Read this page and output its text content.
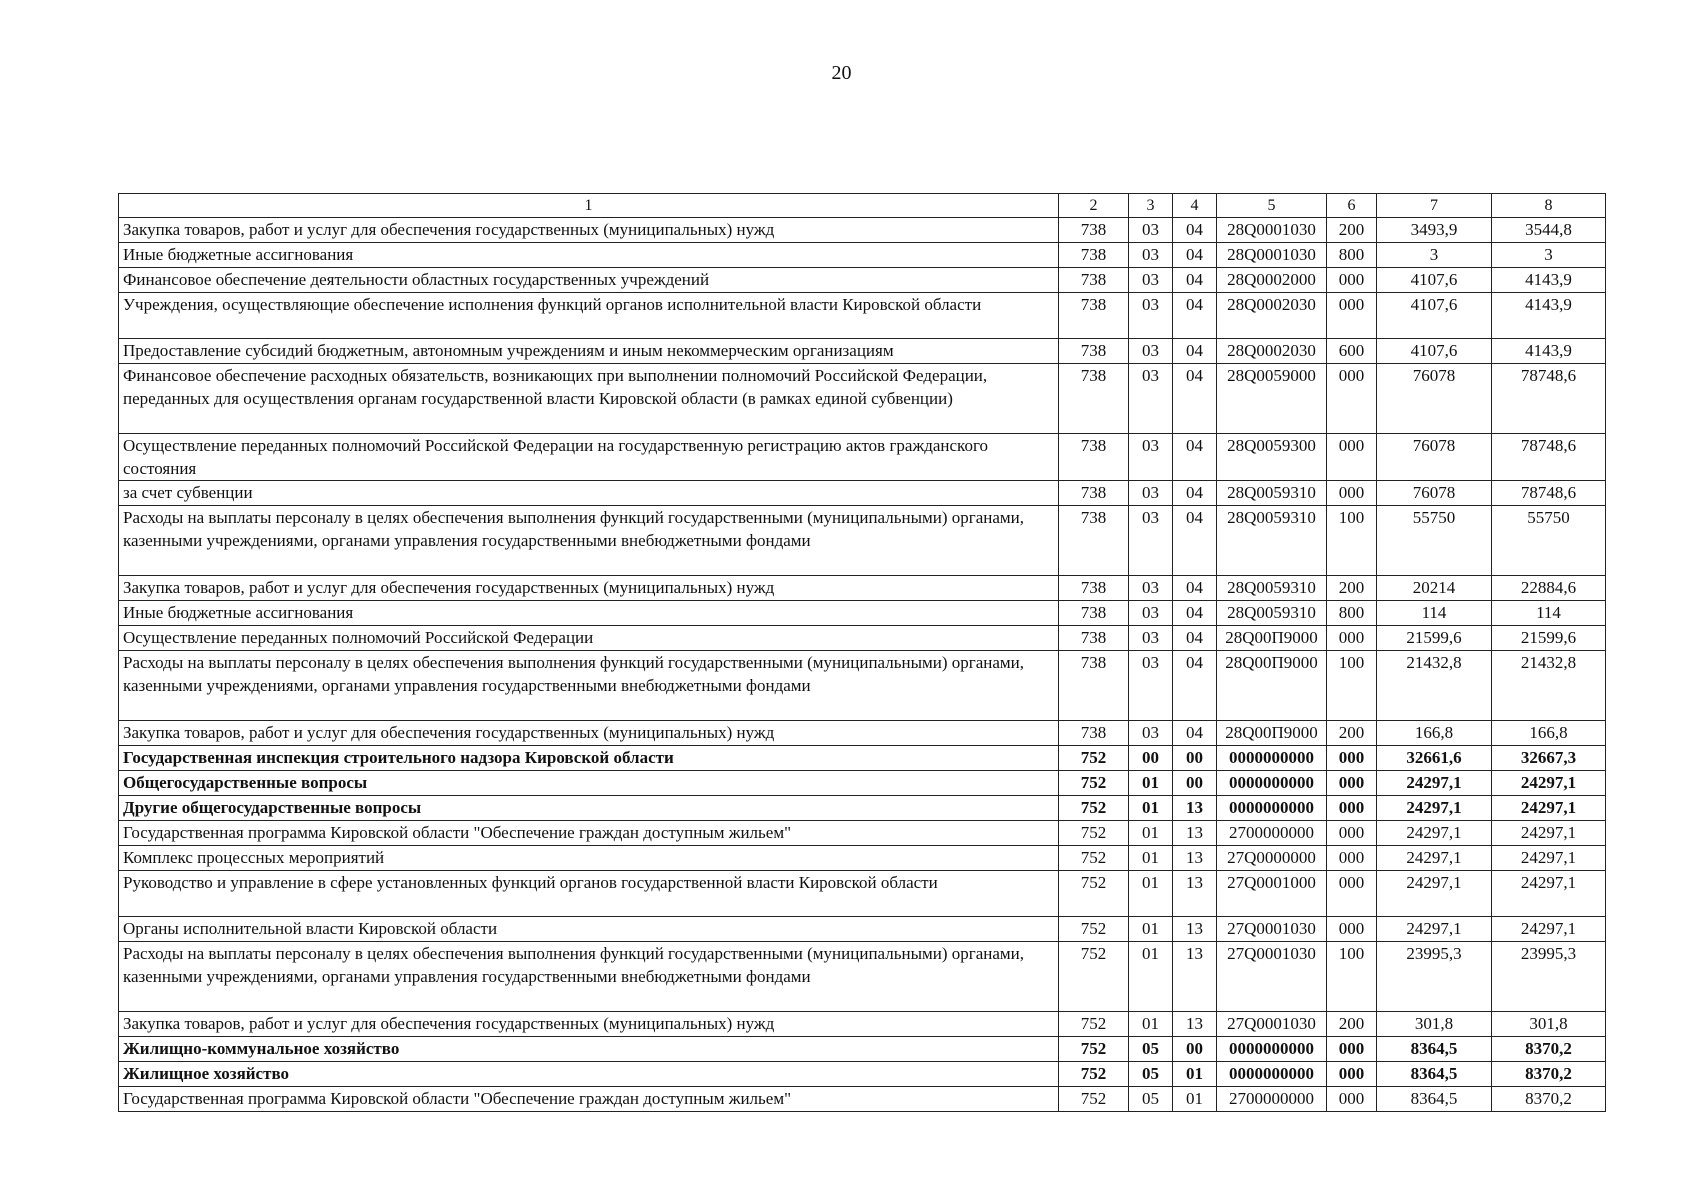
20
1	2	3	4	5	6	7	8
Закупка товаров, работ и услуг для обеспечения государственных (муниципальных) нужд	738	03	04	28Q0001030	200	3493,9	3544,8
Иные бюджетные ассигнования	738	03	04	28Q0001030	800	3	3
Финансовое обеспечение деятельности областных государственных учреждений	738	03	04	28Q0002000	000	4107,6	4143,9
Учреждения, осуществляющие обеспечение исполнения функций органов исполнительной власти Кировской области	738	03	04	28Q0002030	000	4107,6	4143,9
Предоставление субсидий бюджетным, автономным учреждениям и иным некоммерческим организациям	738	03	04	28Q0002030	600	4107,6	4143,9
Финансовое обеспечение расходных обязательств, возникающих при выполнении полномочий Российской Федерации, переданных для осуществления органам государственной власти Кировской области (в рамках единой субвенции)	738	03	04	28Q0059000	000	76078	78748,6
Осуществление переданных полномочий Российской Федерации на государственную регистрацию актов гражданского состояния	738	03	04	28Q0059300	000	76078	78748,6
за счет субвенции	738	03	04	28Q0059310	000	76078	78748,6
Расходы на выплаты персоналу в целях обеспечения выполнения функций государственными (муниципальными) органами, казенными учреждениями, органами управления государственными внебюджетными фондами	738	03	04	28Q0059310	100	55750	55750
Закупка товаров, работ и услуг для обеспечения государственных (муниципальных) нужд	738	03	04	28Q0059310	200	20214	22884,6
Иные бюджетные ассигнования	738	03	04	28Q0059310	800	114	114
Осуществление переданных полномочий Российской Федерации	738	03	04	28Q00П9000	000	21599,6	21599,6
Расходы на выплаты персоналу в целях обеспечения выполнения функций государственными (муниципальными) органами, казенными учреждениями, органами управления государственными внебюджетными фондами	738	03	04	28Q00П9000	100	21432,8	21432,8
Закупка товаров, работ и услуг для обеспечения государственных (муниципальных) нужд	738	03	04	28Q00П9000	200	166,8	166,8
Государственная инспекция строительного надзора Кировской области	752	00	00	0000000000	000	32661,6	32667,3
Общегосударственные вопросы	752	01	00	0000000000	000	24297,1	24297,1
Другие общегосударственные вопросы	752	01	13	0000000000	000	24297,1	24297,1
Государственная программа Кировской области "Обеспечение граждан доступным жильем"	752	01	13	2700000000	000	24297,1	24297,1
Комплекс процессных мероприятий	752	01	13	27Q0000000	000	24297,1	24297,1
Руководство и управление в сфере установленных функций органов государственной власти Кировской области	752	01	13	27Q0001000	000	24297,1	24297,1
Органы исполнительной власти Кировской области	752	01	13	27Q0001030	000	24297,1	24297,1
Расходы на выплаты персоналу в целях обеспечения выполнения функций государственными (муниципальными) органами, казенными учреждениями, органами управления государственными внебюджетными фондами	752	01	13	27Q0001030	100	23995,3	23995,3
Закупка товаров, работ и услуг для обеспечения государственных (муниципальных) нужд	752	01	13	27Q0001030	200	301,8	301,8
Жилищно-коммунальное хозяйство	752	05	00	0000000000	000	8364,5	8370,2
Жилищное хозяйство	752	05	01	0000000000	000	8364,5	8370,2
Государственная программа Кировской области "Обеспечение граждан доступным жильем"	752	05	01	2700000000	000	8364,5	8370,2
